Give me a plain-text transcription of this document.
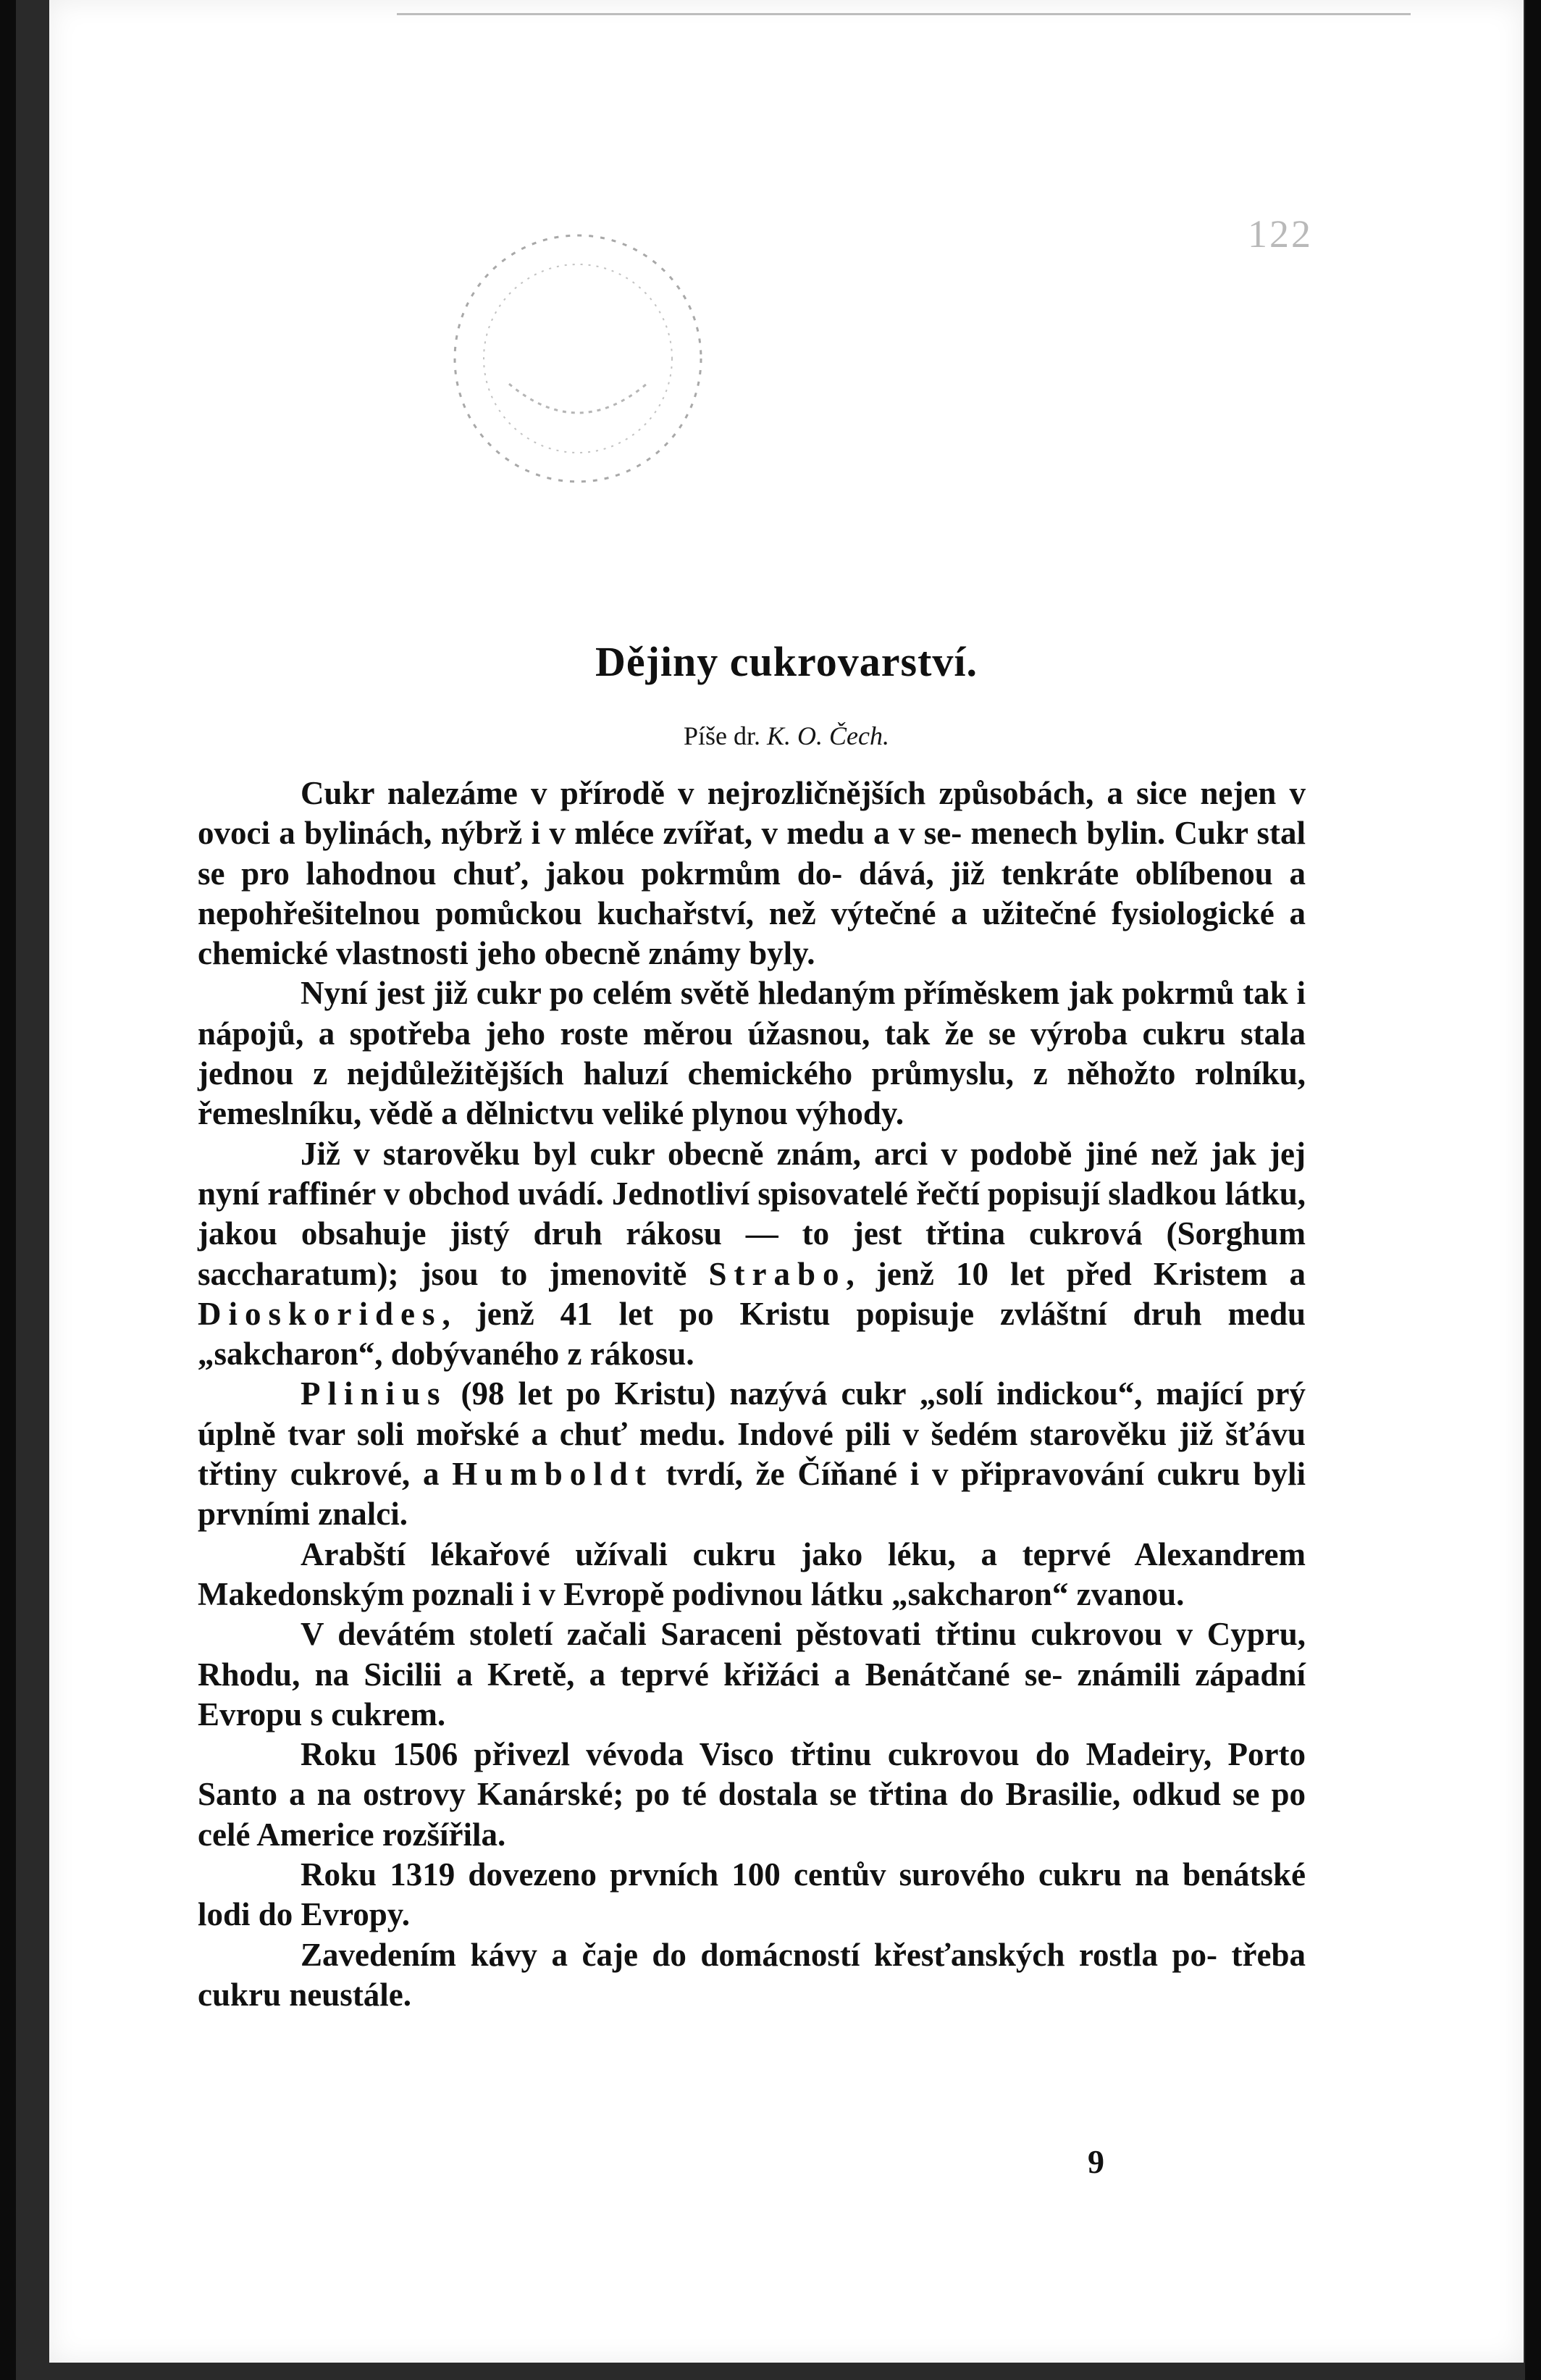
122
Dějiny cukrovarství.
Píše dr. K. O. Čech.

Cukr nalezáme v přírodě v nejrozličnějších způsobách, a sice nejen v ovoci a bylinách, nýbrž i v mléce zvířat, v medu a v se- menech bylin. Cukr stal se pro lahodnou chuť, jakou pokrmům do- dává, již tenkráte oblíbenou a nepohřešitelnou pomůckou kuchařství, než výtečné a užitečné fysiologické a chemické vlastnosti jeho obecně známy byly.

Nyní jest již cukr po celém světě hledaným příměskem jak pokrmů tak i nápojů, a spotřeba jeho roste měrou úžasnou, tak že se výroba cukru stala jednou z nejdůležitějších haluzí chemického průmyslu, z něhožto rolníku, řemeslníku, vědě a dělnictvu veliké plynou výhody.

Již v starověku byl cukr obecně znám, arci v podobě jiné než jak jej nyní raffinér v obchod uvádí. Jednotliví spisovatelé řečtí popisují sladkou látku, jakou obsahuje jistý druh rákosu — to jest třtina cukrová (Sorghum saccharatum); jsou to jmenovitě Strabo, jenž 10 let před Kristem a Dioskorides, jenž 41 let po Kristu popisuje zvláštní druh medu „sakcharon“, dobývaného z rákosu.

Plinius (98 let po Kristu) nazývá cukr „solí indickou“, mající prý úplně tvar soli mořské a chuť medu. Indové pili v šedém starověku již šťávu třtiny cukrové, a Humboldt tvrdí, že Číňané i v připravování cukru byli prvními znalci.

Arabští lékařové užívali cukru jako léku, a teprvé Alexandrem Makedonským poznali i v Evropě podivnou látku „sakcharon“ zvanou.

V devátém století začali Saraceni pěstovati třtinu cukrovou v Cypru, Rhodu, na Sicilii a Kretě, a teprvé křižáci a Benátčané se- známili západní Evropu s cukrem.

Roku 1506 přivezl vévoda Visco třtinu cukrovou do Madeiry, Porto Santo a na ostrovy Kanárské; po té dostala se třtina do Brasilie, odkud se po celé Americe rozšířila.

Roku 1319 dovezeno prvních 100 centův surového cukru na benátské lodi do Evropy.

Zavedením kávy a čaje do domácností křesťanských rostla po- třeba cukru neustále.

9
